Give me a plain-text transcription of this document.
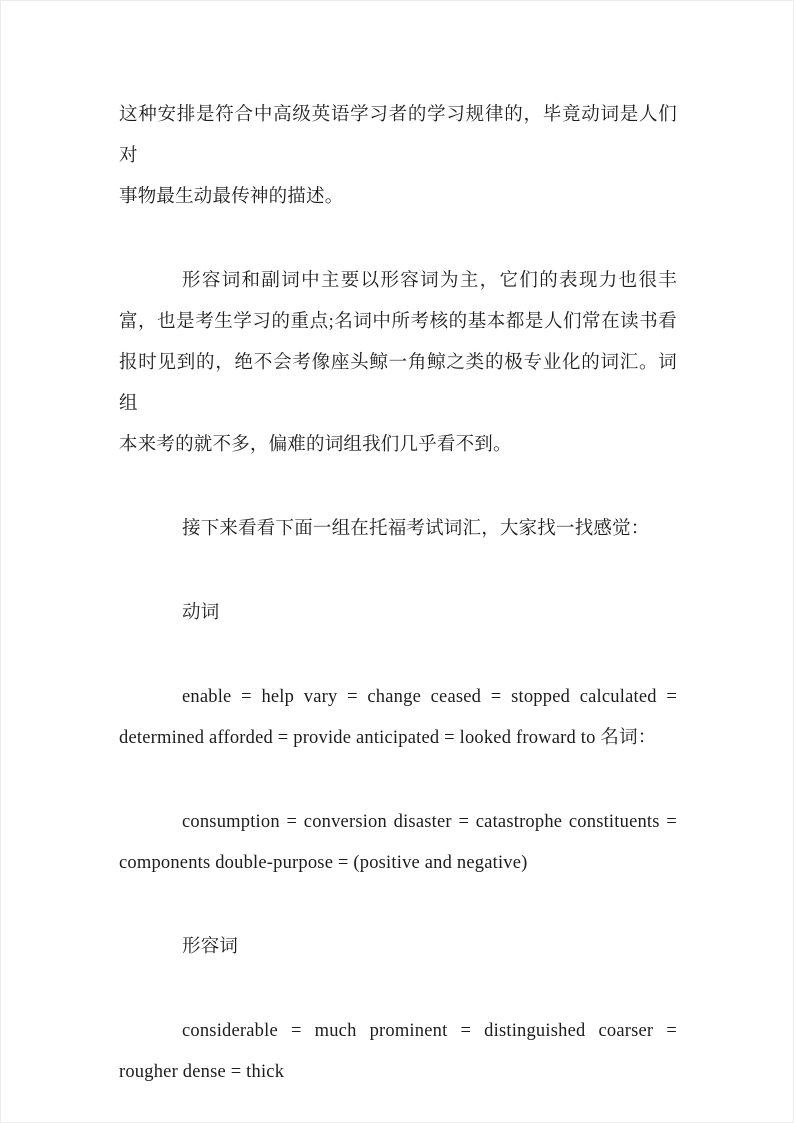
这种安排是符合中高级英语学习者的学习规律的，毕竟动词是人们对
事物最生动最传神的描述。
形容词和副词中主要以形容词为主，它们的表现力也很丰
富，也是考生学习的重点;名词中所考核的基本都是人们常在读书看
报时见到的，绝不会考像座头鲸一角鲸之类的极专业化的词汇。词组
本来考的就不多，偏难的词组我们几乎看不到。
接下来看看下面一组在托福考试词汇，大家找一找感觉：
动词
enable = help vary = change ceased = stopped calculated =
determined afforded = provide anticipated = looked froward to 名词：
consumption = conversion disaster = catastrophe constituents =
components double-purpose = (positive and negative)
形容词
considerable = much prominent = distinguished coarser =
rougher dense = thick
